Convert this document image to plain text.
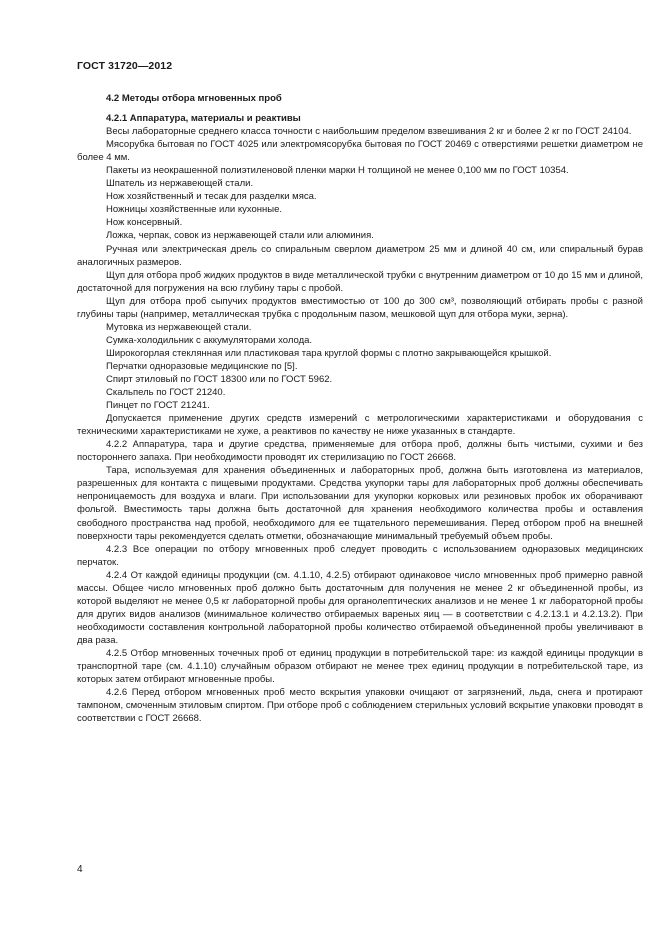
ГОСТ 31720—2012

4.2 Методы отбора мгновенных проб

4.2.1 Аппаратура, материалы и реактивы

Весы лабораторные среднего класса точности с наибольшим пределом взвешивания 2 кг и более 2 кг по ГОСТ 24104.

Мясорубка бытовая по ГОСТ 4025 или электромясорубка бытовая по ГОСТ 20469 с отверстиями решетки диаметром не более 4 мм.

Пакеты из неокрашенной полиэтиленовой пленки марки Н толщиной не менее 0,100 мм по ГОСТ 10354.

Шпатель из нержавеющей стали.

Нож хозяйственный и тесак для разделки мяса.

Ножницы хозяйственные или кухонные.

Нож консервный.

Ложка, черпак, совок из нержавеющей стали или алюминия.

Ручная или электрическая дрель со спиральным сверлом диаметром 25 мм и длиной 40 см, или спиральный бурав аналогичных размеров.

Щуп для отбора проб жидких продуктов в виде металлической трубки с внутренним диаметром от 10 до 15 мм и длиной, достаточной для погружения на всю глубину тары с пробой.

Щуп для отбора проб сыпучих продуктов вместимостью от 100 до 300 см³, позволяющий отбирать пробы с разной глубины тары (например, металлическая трубка с продольным пазом, мешковой щуп для отбора муки, зерна).

Мутовка из нержавеющей стали.

Сумка-холодильник с аккумуляторами холода.

Широкогорлая стеклянная или пластиковая тара круглой формы с плотно закрывающейся крышкой.

Перчатки одноразовые медицинские по [5].

Спирт этиловый по ГОСТ 18300 или по ГОСТ 5962.

Скальпель по ГОСТ 21240.

Пинцет по ГОСТ 21241.

Допускается применение других средств измерений с метрологическими характеристиками и оборудования с техническими характеристиками не хуже, а реактивов по качеству не ниже указанных в стандарте.

4.2.2 Аппаратура, тара и другие средства, применяемые для отбора проб, должны быть чистыми, сухими и без постороннего запаха. При необходимости проводят их стерилизацию по ГОСТ 26668.

Тара, используемая для хранения объединенных и лабораторных проб, должна быть изготовлена из материалов, разрешенных для контакта с пищевыми продуктами. Средства укупорки тары для лабораторных проб должны обеспечивать непроницаемость для воздуха и влаги. При использовании для укупорки корковых или резиновых пробок их оборачивают фольгой. Вместимость тары должна быть достаточной для хранения необходимого количества пробы и оставления свободного пространства над пробой, необходимого для ее тщательного перемешивания. Перед отбором проб на внешней поверхности тары рекомендуется сделать отметки, обозначающие минимальный требуемый объем пробы.

4.2.3 Все операции по отбору мгновенных проб следует проводить с использованием одноразовых медицинских перчаток.

4.2.4 От каждой единицы продукции (см. 4.1.10, 4.2.5) отбирают одинаковое число мгновенных проб примерно равной массы. Общее число мгновенных проб должно быть достаточным для получения не менее 2 кг объединенной пробы, из которой выделяют не менее 0,5 кг лабораторной пробы для органолептических анализов и не менее 1 кг лабораторной пробы для других видов анализов (минимальное количество отбираемых вареных яиц — в соответствии с 4.2.13.1 и 4.2.13.2). При необходимости составления контрольной лабораторной пробы количество отбираемой объединенной пробы увеличивают в два раза.

4.2.5 Отбор мгновенных точечных проб от единиц продукции в потребительской таре: из каждой единицы продукции в транспортной таре (см. 4.1.10) случайным образом отбирают не менее трех единиц продукции в потребительской таре, из которых затем отбирают мгновенные пробы.

4.2.6 Перед отбором мгновенных проб место вскрытия упаковки очищают от загрязнений, льда, снега и протирают тампоном, смоченным этиловым спиртом. При отборе проб с соблюдением стерильных условий вскрытие упаковки проводят в соответствии с ГОСТ 26668.

4
